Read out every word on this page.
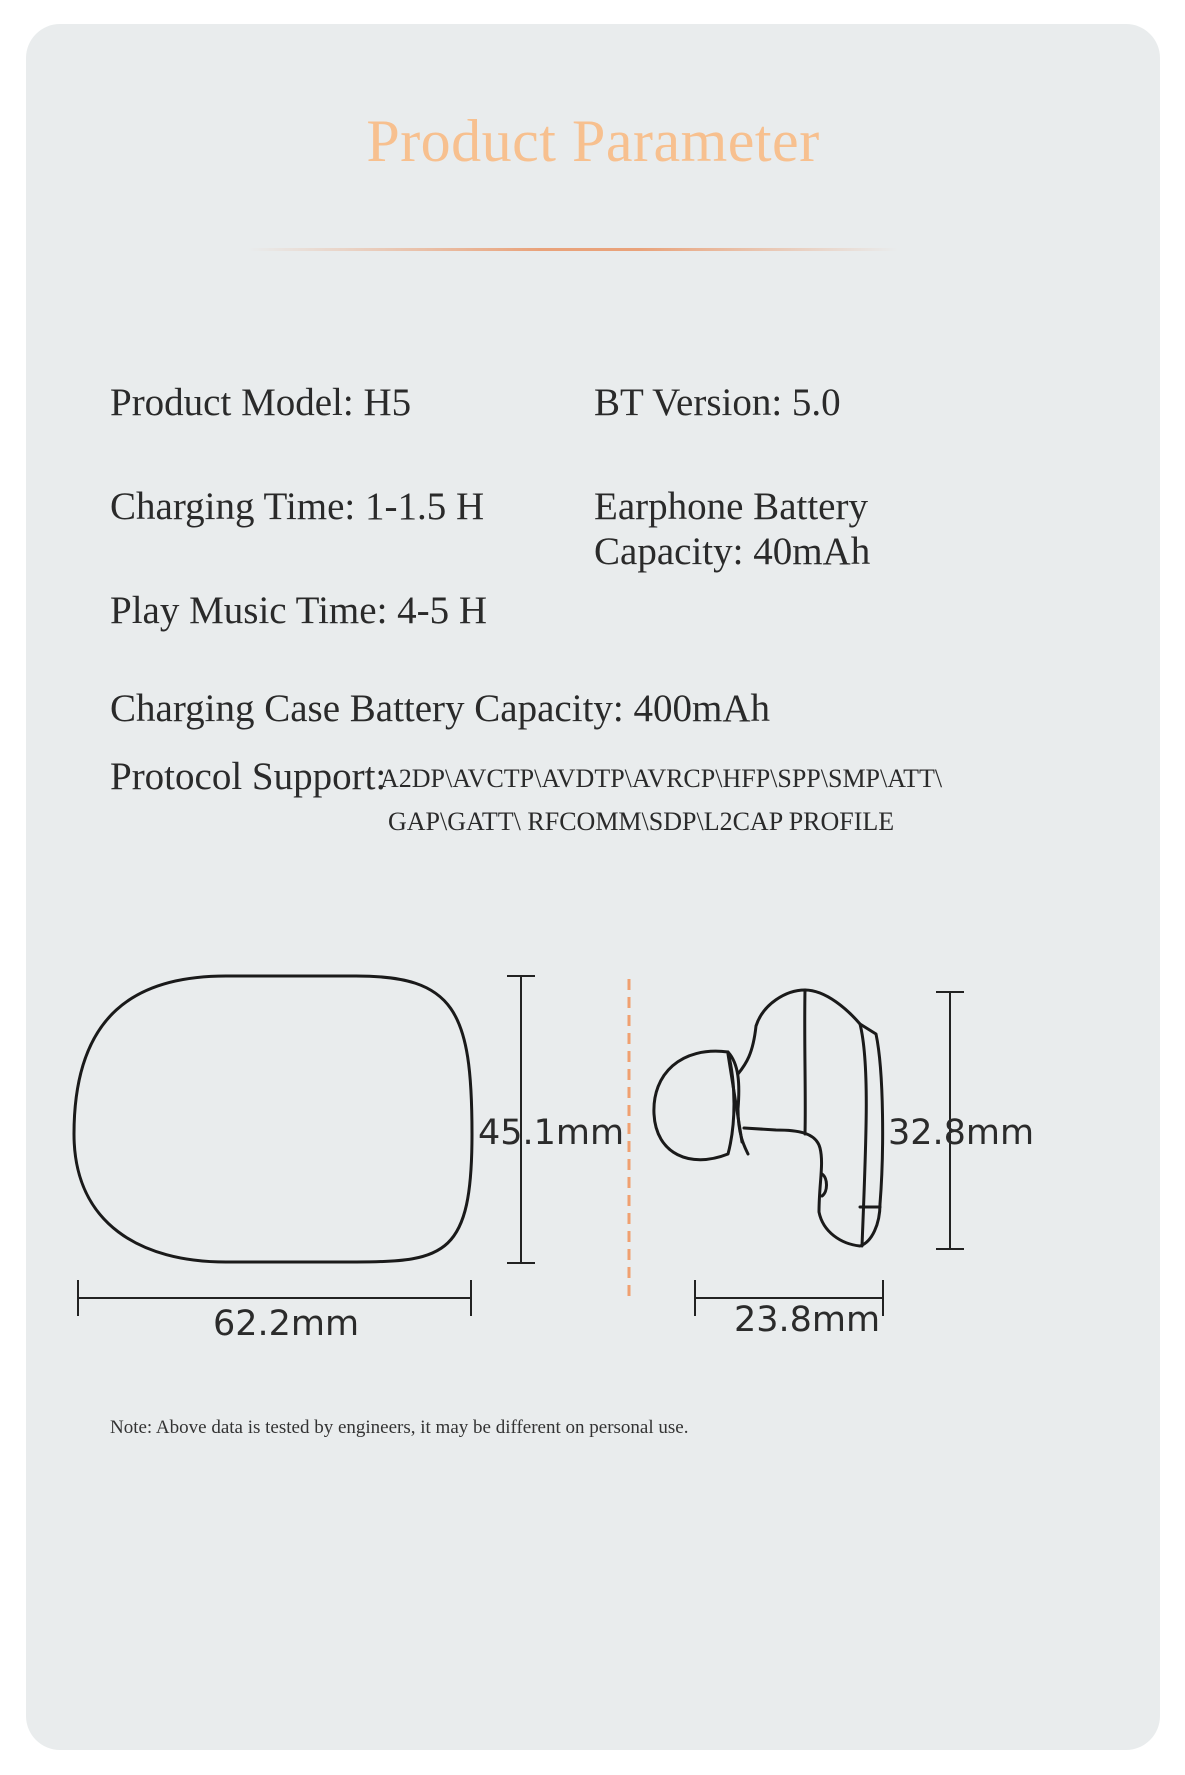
Product Parameter
Product Model: H5	BT Version: 5.0
Charging Time: 1-1.5 H	Earphone Battery
Capacity: 40mAh
Play Music Time: 4-5 H
Charging Case Battery Capacity: 400mAh
Protocol Support:
A2DP\AVCTP\AVDTP\AVRCP\HFP\SPP\SMP\ATT\
GAP\GATT\ RFCOMM\SDP\L2CAP PROFILE
45.1mm
62.2mm
32.8mm
23.8mm
Note: Above data is tested by engineers, it may be different on personal use.
